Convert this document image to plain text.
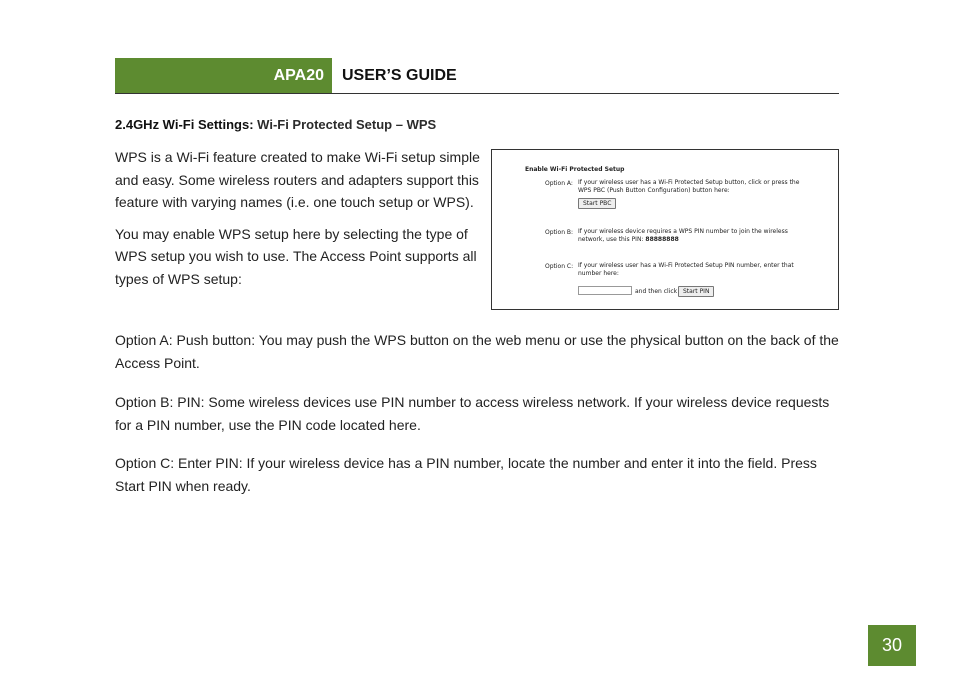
APA20 USER’S GUIDE
2.4GHz Wi-Fi Settings: Wi-Fi Protected Setup – WPS

WPS is a Wi-Fi feature created to make Wi-Fi setup simple and easy. Some wireless routers and adapters support this feature with varying names (i.e. one touch setup or WPS).

You may enable WPS setup here by selecting the type of WPS setup you wish to use. The Access Point supports all types of WPS setup:

Enable Wi-Fi Protected Setup
Option A: If your wireless user has a Wi-Fi Protected Setup button, click or press the WPS PBC (Push Button Configuration) button here:
Start PBC
Option B: If your wireless device requires a WPS PIN number to join the wireless network, use this PIN: 88888888
Option C: If your wireless user has a Wi-Fi Protected Setup PIN number, enter that number here:
and then click Start PIN

Option A: Push button: You may push the WPS button on the web menu or use the physical button on the back of the Access Point.

Option B: PIN: Some wireless devices use PIN number to access wireless network. If your wireless device requests for a PIN number, use the PIN code located here.

Option C: Enter PIN: If your wireless device has a PIN number, locate the number and enter it into the field. Press Start PIN when ready.

30
